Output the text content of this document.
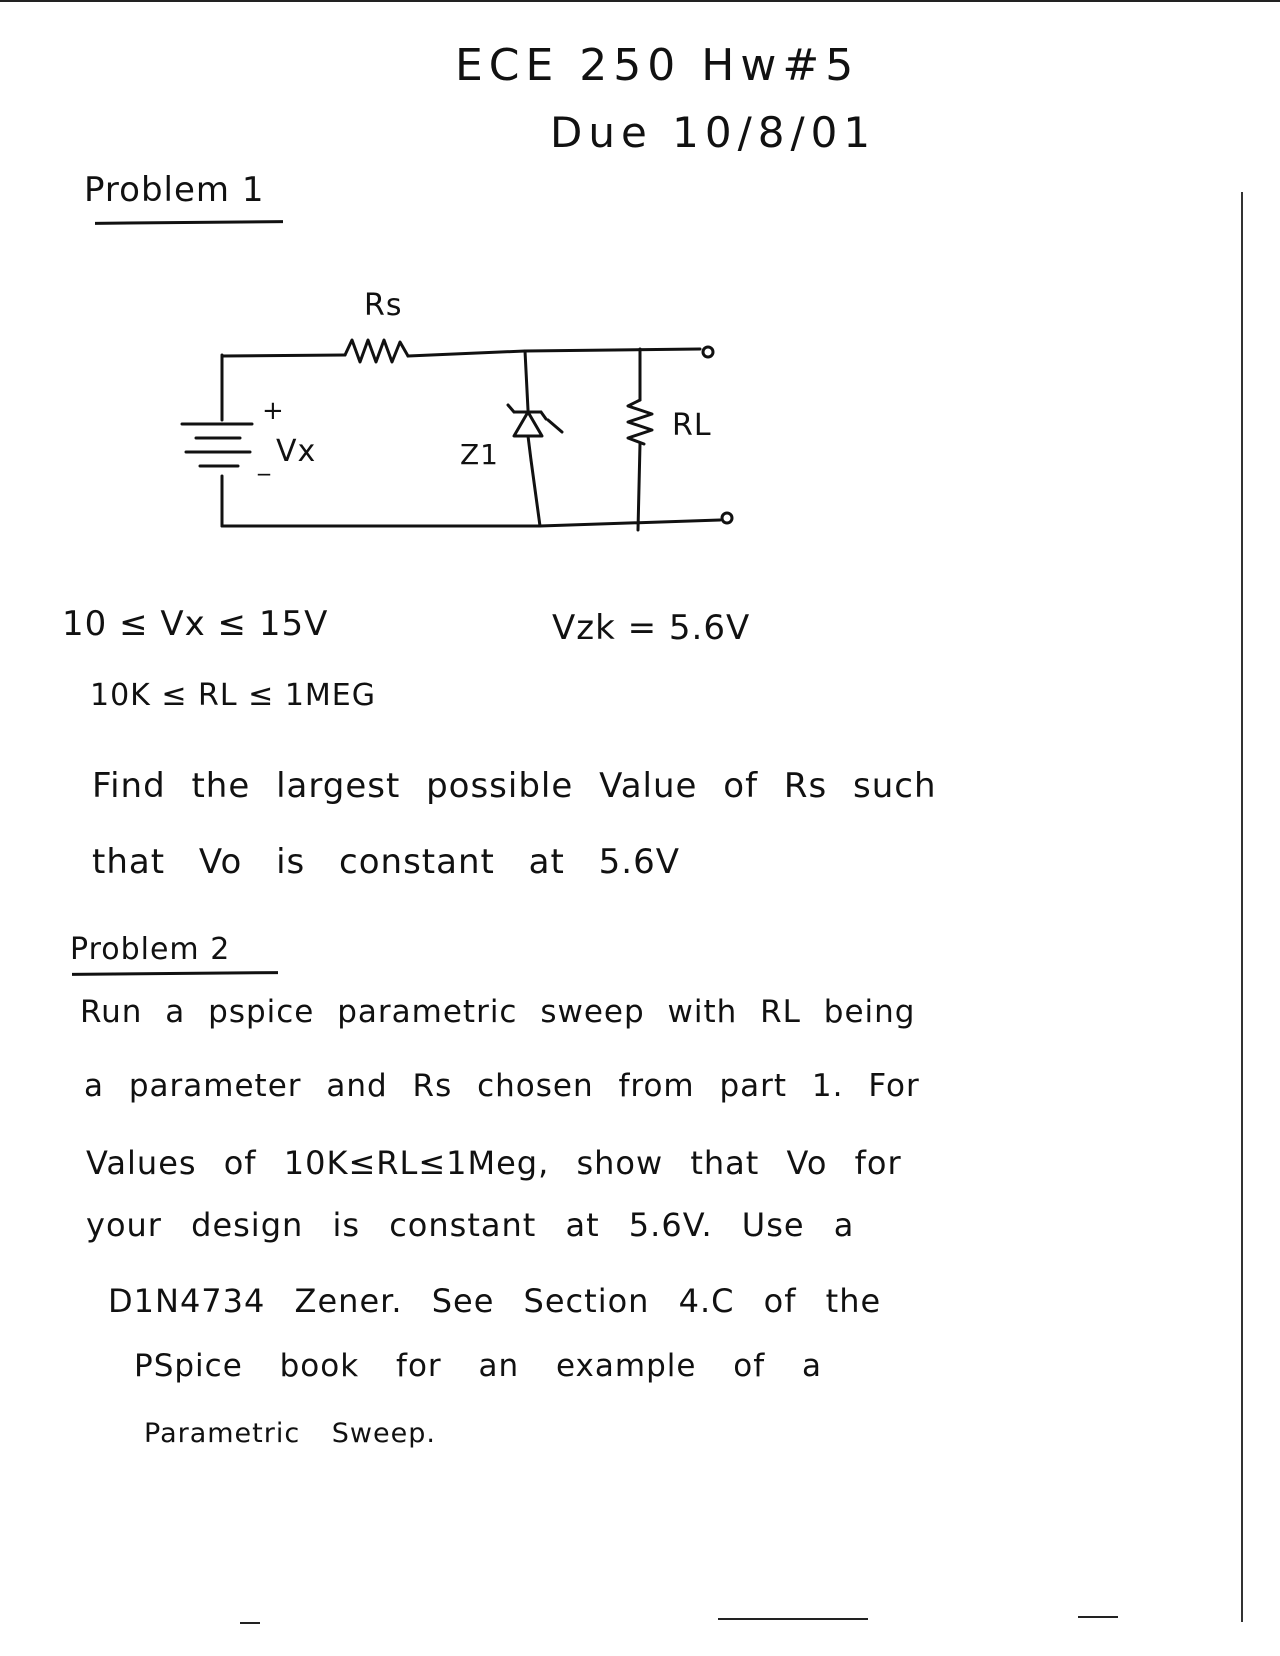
ECE 250 Hw#5
Due 10/8/01
Problem 1
Rs
RL
+
_ Vx	Z1
10 ≤ Vx ≤ 15V	Vzk = 5.6V
10K ≤ RL ≤ 1MEG
Find the largest possible Value of Rs such
that Vo is constant at 5.6V
Problem 2
Run a pspice parametric sweep with RL being
a parameter and Rs chosen from part 1. For
Values of 10K≤RL≤1Meg, show that Vo for
your design is constant at 5.6V. Use a
D1N4734 Zener. See Section 4.C of the
PSpice book for an example of a
Parametric Sweep.
